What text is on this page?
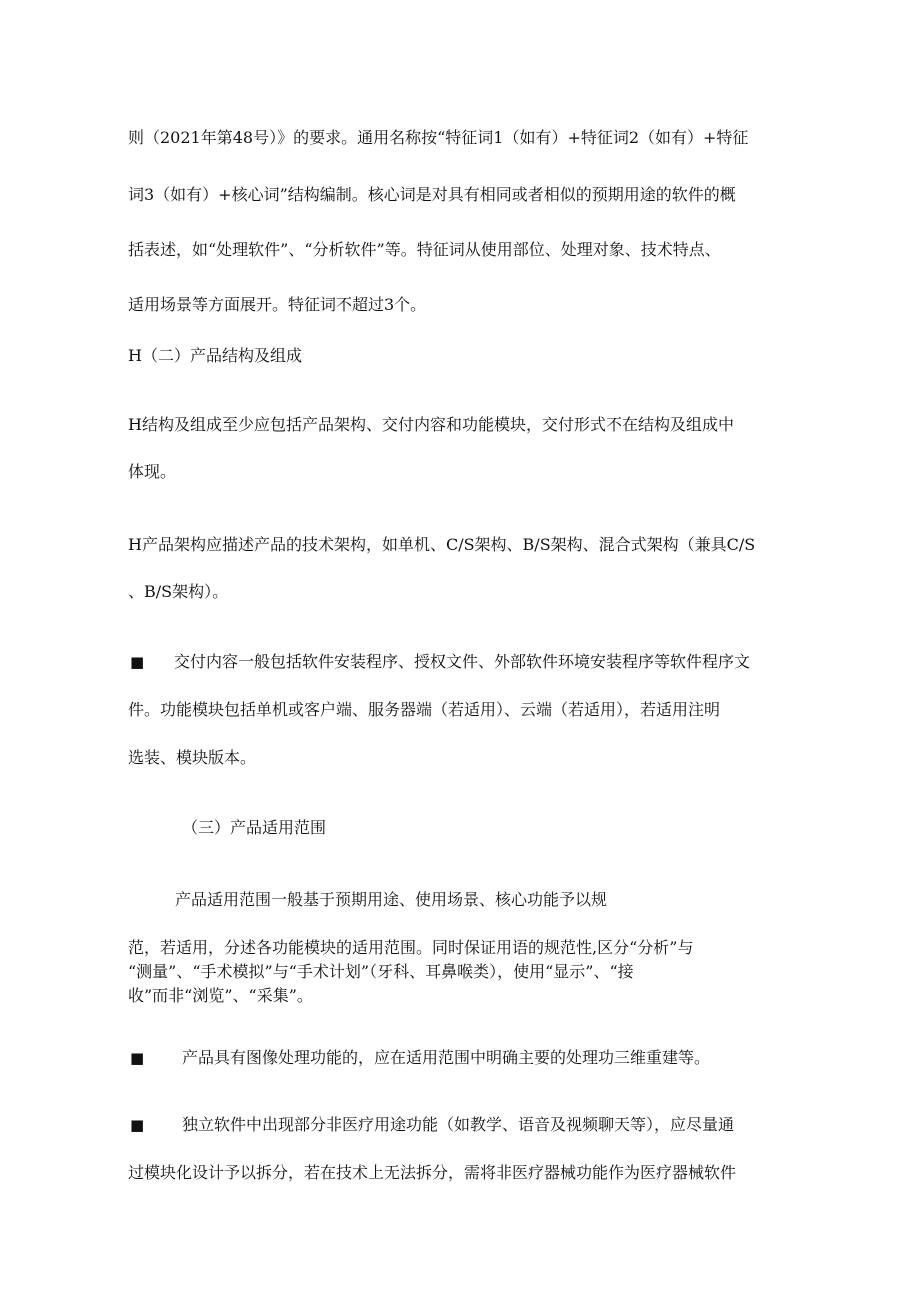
则（2021年第48号）》的要求。通用名称按“特征词1（如有）+特征词2（如有）+特征
词3（如有）+核心词”结构编制。核心词是对具有相同或者相似的预期用途的软件的概
括表述，如“处理软件”、“分析软件”等。特征词从使用部位、处理对象、技术特点、
适用场景等方面展开。特征词不超过3个。
H（二）产品结构及组成
H结构及组成至少应包括产品架构、交付内容和功能模块，交付形式不在结构及组成中
体现。
H产品架构应描述产品的技术架构，如单机、C/S架构、B/S架构、混合式架构（兼具C/S
、B/S架构）。
■ 交付内容一般包括软件安装程序、授权文件、外部软件环境安装程序等软件程序文
件。功能模块包括单机或客户端、服务器端（若适用）、云端（若适用），若适用注明
选装、模块版本。
（三）产品适用范围
产品适用范围一般基于预期用途、使用场景、核心功能予以规
范，若适用，分述各功能模块的适用范围。同时保证用语的规范性,区分“分析”与
“测量”、“手术模拟”与“手术计划”（牙科、耳鼻喉类），使用“显示”、“接
收”而非“浏览”、“采集”。
■ 产品具有图像处理功能的，应在适用范围中明确主要的处理功三维重建等。
■ 独立软件中出现部分非医疗用途功能（如教学、语音及视频聊天等），应尽量通
过模块化设计予以拆分，若在技术上无法拆分，需将非医疗器械功能作为医疗器械软件
